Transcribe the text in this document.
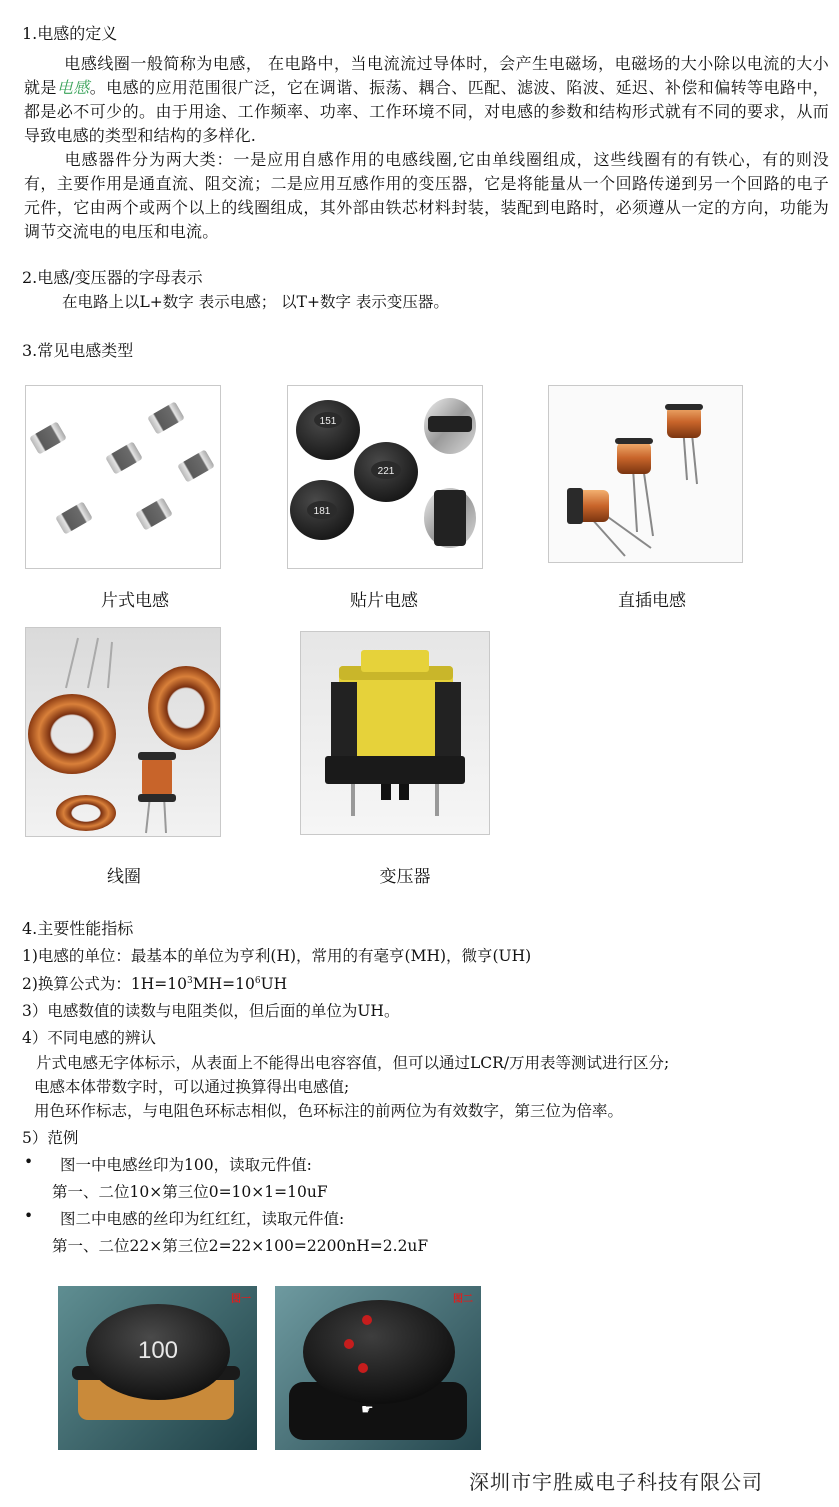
1.电感的定义
电感线圈一般简称为电感， 在电路中，当电流流过导体时，会产生电磁场，电磁场的大小除以电流的大小就是电感。电感的应用范围很广泛，它在调谐、振荡、耦合、匹配、滤波、陷波、延迟、补偿和偏转等电路中，都是必不可少的。由于用途、工作频率、功率、工作环境不同，对电感的参数和结构形式就有不同的要求，从而导致电感的类型和结构的多样化.
电感器件分为两大类：一是应用自感作用的电感线圈,它由单线圈组成，这些线圈有的有铁心，有的则没有，主要作用是通直流、阻交流；二是应用互感作用的变压器，它是将能量从一个回路传递到另一个回路的电子元件，它由两个或两个以上的线圈组成，其外部由铁芯材料封装，装配到电路时，必须遵从一定的方向，功能为调节交流电的电压和电流。
2.电感/变压器的字母表示
在电路上以L+数字 表示电感； 以T+数字 表示变压器。
3.常见电感类型
151
221
181
片式电感	贴片电感	直插电感
线圈	变压器
4.主要性能指标
1)电感的单位：最基本的单位为亨利(H)，常用的有毫亨(MH)，微亨(UH)
2)换算公式为：$1H=10^3MH=10^6UH$
3）电感数值的读数与电阻类似，但后面的单位为UH。
4）不同电感的辨认
片式电感无字体标示，从表面上不能得出电容容值，但可以通过LCR/万用表等测试进行区分;
电感本体带数字时，可以通过换算得出电感值;
用色环作标志，与电阻色环标志相似，色环标注的前两位为有效数字，第三位为倍率。
5）范例
• 图一中电感丝印为100，读取元件值:
第一、二位10×第三位0=10×1=10uF
• 图二中电感的丝印为红红红，读取元件值:
第一、二位22×第三位2=22×100=2200nH=2.2uF
图一
100
图二
☛
深圳市宇胜威电子科技有限公司
